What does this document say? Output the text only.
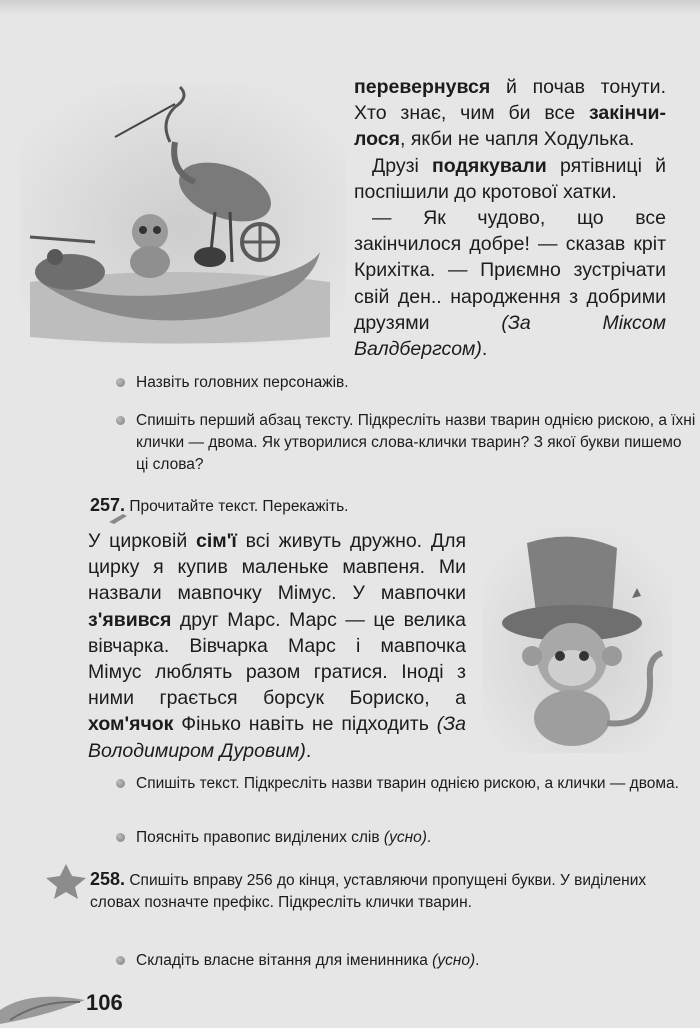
перевернувся й почав тонути. Хто знає, чим би все закінчи-лося, якби не чапля Ходулька.

Друзі подякували рятівниці й поспішили до кротової хатки.

— Як чудово, що все закінчилося добре! — сказав кріт Крихітка. — Приємно зустрічати свій ден.. народження з добрими друзями (За Міксом Валдбергсом).

Назвіть головних персонажів.
Спишіть перший абзац тексту. Підкресліть назви тварин однією рискою, а їхні клички — двома. Як утворилися слова-клички тварин? З якої букви пишемо ці слова?
257. Прочитайте текст. Перекажіть.

У цирковій сім'ї всі живуть дружно. Для цирку я купив маленьке мавпеня. Ми назвали мавпочку Мімус. У мавпочки з'явився друг Марс. Марс — це велика вівчарка. Вівчарка Марс і мавпочка Мімус люблять разом гратися. Іноді з ними грається борсук Бориско, а хом'ячок Фінько навіть не підходить (За Володимиром Дуровим).

Спишіть текст. Підкресліть назви тварин однією рискою, а клички — двома.
Поясніть правопис виділених слів (усно).
258. Спишіть вправу 256 до кінця, уставляючи пропущені букви. У виділених словах позначте префікс. Підкресліть клички тварин.
Складіть власне вітання для іменинника (усно).
106
